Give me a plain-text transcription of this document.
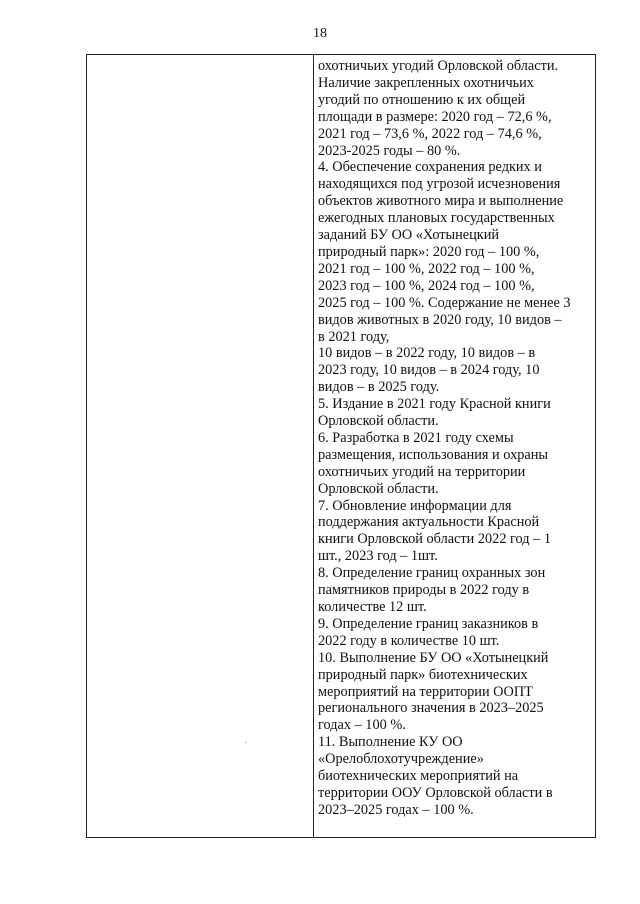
18
охотничьих угодий Орловской области.
Наличие закрепленных охотничьих
угодий по отношению к их общей
площади в размере: 2020 год – 72,6 %,
2021 год – 73,6 %, 2022 год – 74,6 %,
2023-2025 годы – 80 %.
4. Обеспечение сохранения редких и
находящихся под угрозой исчезновения
объектов животного мира и выполнение
ежегодных плановых государственных
заданий БУ ОО «Хотынецкий
природный парк»: 2020 год – 100 %,
2021 год – 100 %, 2022 год – 100 %,
2023 год – 100 %, 2024 год – 100 %,
2025 год – 100 %. Содержание не менее 3
видов животных в 2020 году, 10 видов –
в 2021 году,
10 видов – в 2022 году, 10 видов – в
2023 году, 10 видов – в 2024 году, 10
видов – в 2025 году.
5. Издание в 2021 году Красной книги
Орловской области.
6. Разработка в 2021 году схемы
размещения, использования и охраны
охотничьих угодий на территории
Орловской области.
7. Обновление информации для
поддержания актуальности Красной
книги Орловской области 2022 год – 1
шт., 2023 год – 1шт.
8. Определение границ охранных зон
памятников природы в 2022 году в
количестве 12 шт.
9. Определение границ заказников в
2022 году в количестве 10 шт.
10. Выполнение БУ ОО «Хотынецкий
природный парк» биотехнических
мероприятий на территории ООПТ
регионального значения в 2023–2025
годах – 100 %.
11. Выполнение КУ ОО
«Орелоблохотучреждение»
биотехнических мероприятий на
территории ООУ Орловской области в
2023–2025 годах – 100 %.
